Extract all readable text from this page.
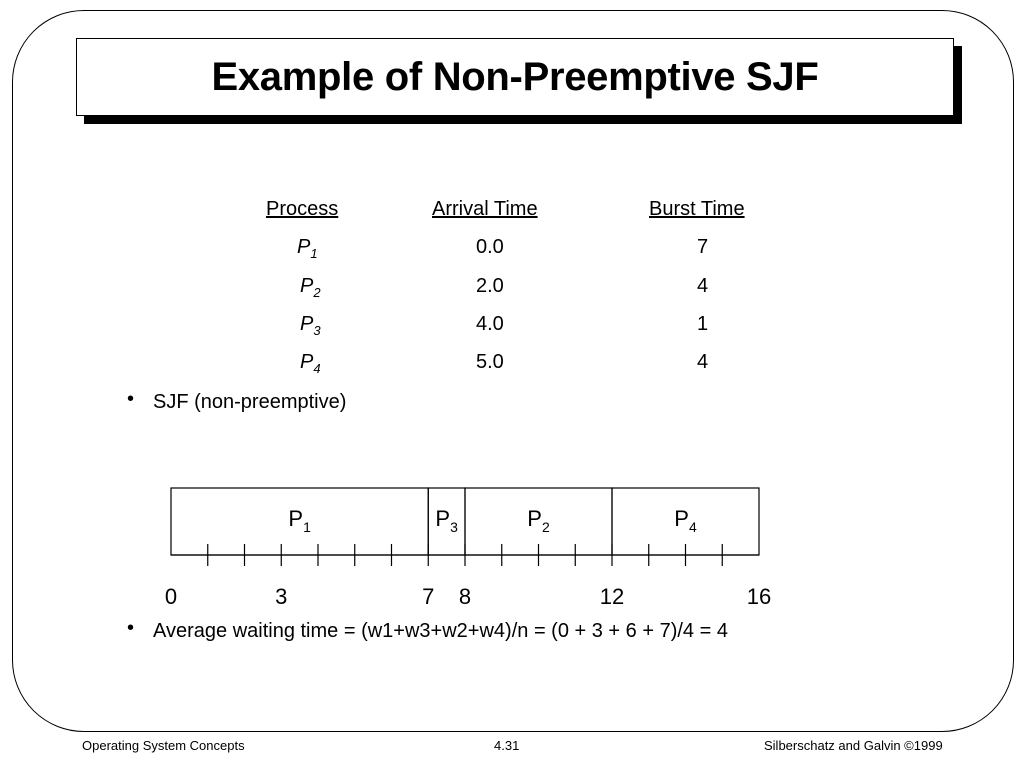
Example of Non-Preemptive SJF
Process	Arrival Time	Burst Time
$P_1$	0.0	7
$P_2$	2.0	4
$P_3$	4.0	1
$P_4$	5.0	4
• SJF (non-preemptive)
$P_1$	$P_3$	$P_2$	$P_4$
0	3	7 8	12	16
• Average waiting time = (w1+w3+w2+w4)/n = (0 + 3 + 6 + 7)/4 = 4
Operating System Concepts	4.31	Silberschatz and Galvin ©1999
